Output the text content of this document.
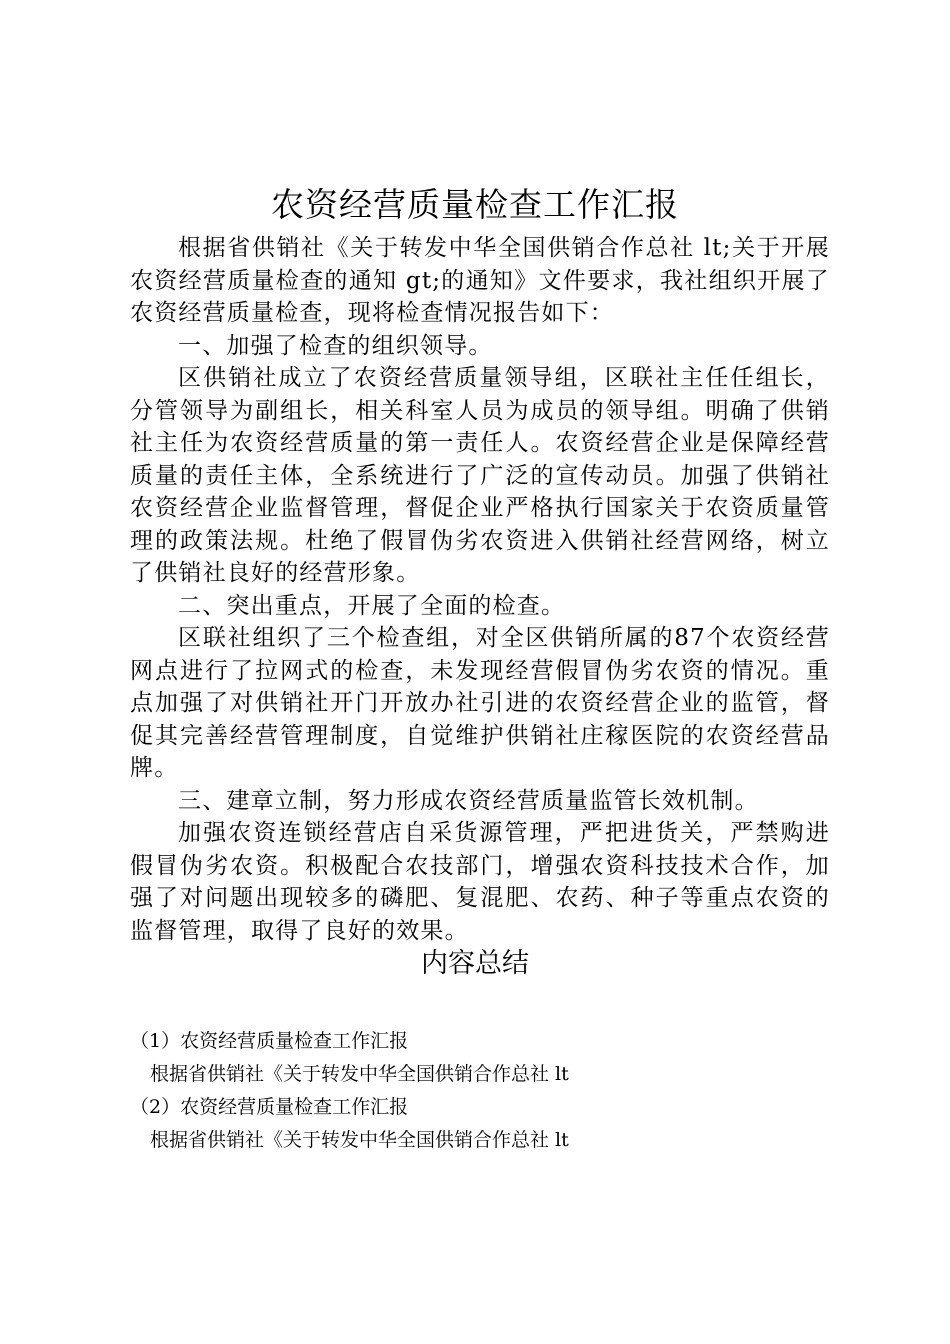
农资经营质量检查工作汇报

根据省供销社《关于转发中华全国供销合作总社 lt;关于开展农资经营质量检查的通知 gt;的通知》文件要求，我社组织开展了农资经营质量检查，现将检查情况报告如下：

一、加强了检查的组织领导。

区供销社成立了农资经营质量领导组，区联社主任任组长，分管领导为副组长，相关科室人员为成员的领导组。明确了供销社主任为农资经营质量的第一责任人。农资经营企业是保障经营质量的责任主体，全系统进行了广泛的宣传动员。加强了供销社农资经营企业监督管理，督促企业严格执行国家关于农资质量管理的政策法规。杜绝了假冒伪劣农资进入供销社经营网络，树立了供销社良好的经营形象。

二、突出重点，开展了全面的检查。

区联社组织了三个检查组，对全区供销所属的87个农资经营网点进行了拉网式的检查，未发现经营假冒伪劣农资的情况。重点加强了对供销社开门开放办社引进的农资经营企业的监管，督促其完善经营管理制度，自觉维护供销社庄稼医院的农资经营品牌。

三、建章立制，努力形成农资经营质量监管长效机制。

加强农资连锁经营店自采货源管理，严把进货关，严禁购进假冒伪劣农资。积极配合农技部门，增强农资科技技术合作，加强了对问题出现较多的磷肥、复混肥、农药、种子等重点农资的监督管理，取得了良好的效果。

内容总结
（1）农资经营质量检查工作汇报
根据省供销社《关于转发中华全国供销合作总社 lt
（2）农资经营质量检查工作汇报
根据省供销社《关于转发中华全国供销合作总社 lt
